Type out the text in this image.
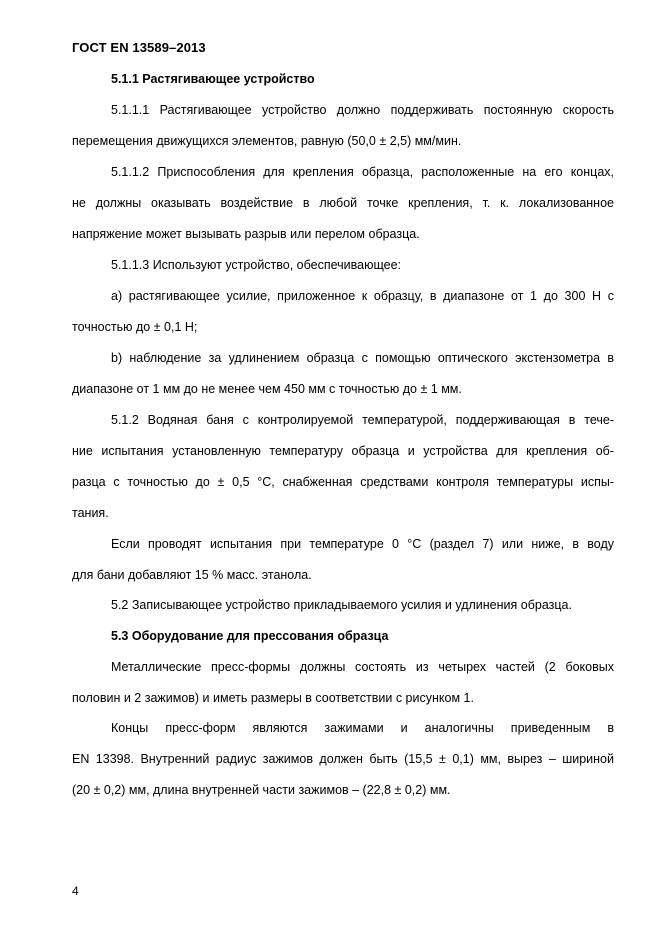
ГОСТ EN 13589–2013
5.1.1 Растягивающее устройство
5.1.1.1 Растягивающее устройство должно поддерживать постоянную скорость
перемещения движущихся элементов, равную (50,0 ± 2,5) мм/мин.
5.1.1.2 Приспособления для крепления образца, расположенные на его концах,
не должны оказывать воздействие в любой точке крепления, т. к. локализованное
напряжение может вызывать разрыв или перелом образца.
5.1.1.3 Используют устройство, обеспечивающее:
a) растягивающее усилие, приложенное к образцу, в диапазоне от 1 до 300 Н с
точностью до ± 0,1 Н;
b) наблюдение за удлинением образца с помощью оптического экстензометра в
диапазоне от 1 мм до не менее чем 450 мм с точностью до ± 1 мм.
5.1.2 Водяная баня с контролируемой температурой, поддерживающая в тече-
ние испытания установленную температуру образца и устройства для крепления об-
разца с точностью до ± 0,5 °С, снабженная средствами контроля температуры испы-
тания.
Если проводят испытания при температуре 0 °С (раздел 7) или ниже, в воду
для бани добавляют 15 % масс. этанола.
5.2 Записывающее устройство прикладываемого усилия и удлинения образца.
5.3 Оборудование для прессования образца
Металлические пресс-формы должны состоять из четырех частей (2 боковых
половин и 2 зажимов) и иметь размеры в соответствии с рисунком 1.
Концы пресс-форм являются зажимами и аналогичны приведенным в
EN 13398. Внутренний радиус зажимов должен быть (15,5 ± 0,1) мм, вырез – шириной
(20 ± 0,2) мм, длина внутренней части зажимов – (22,8 ± 0,2) мм.
4
